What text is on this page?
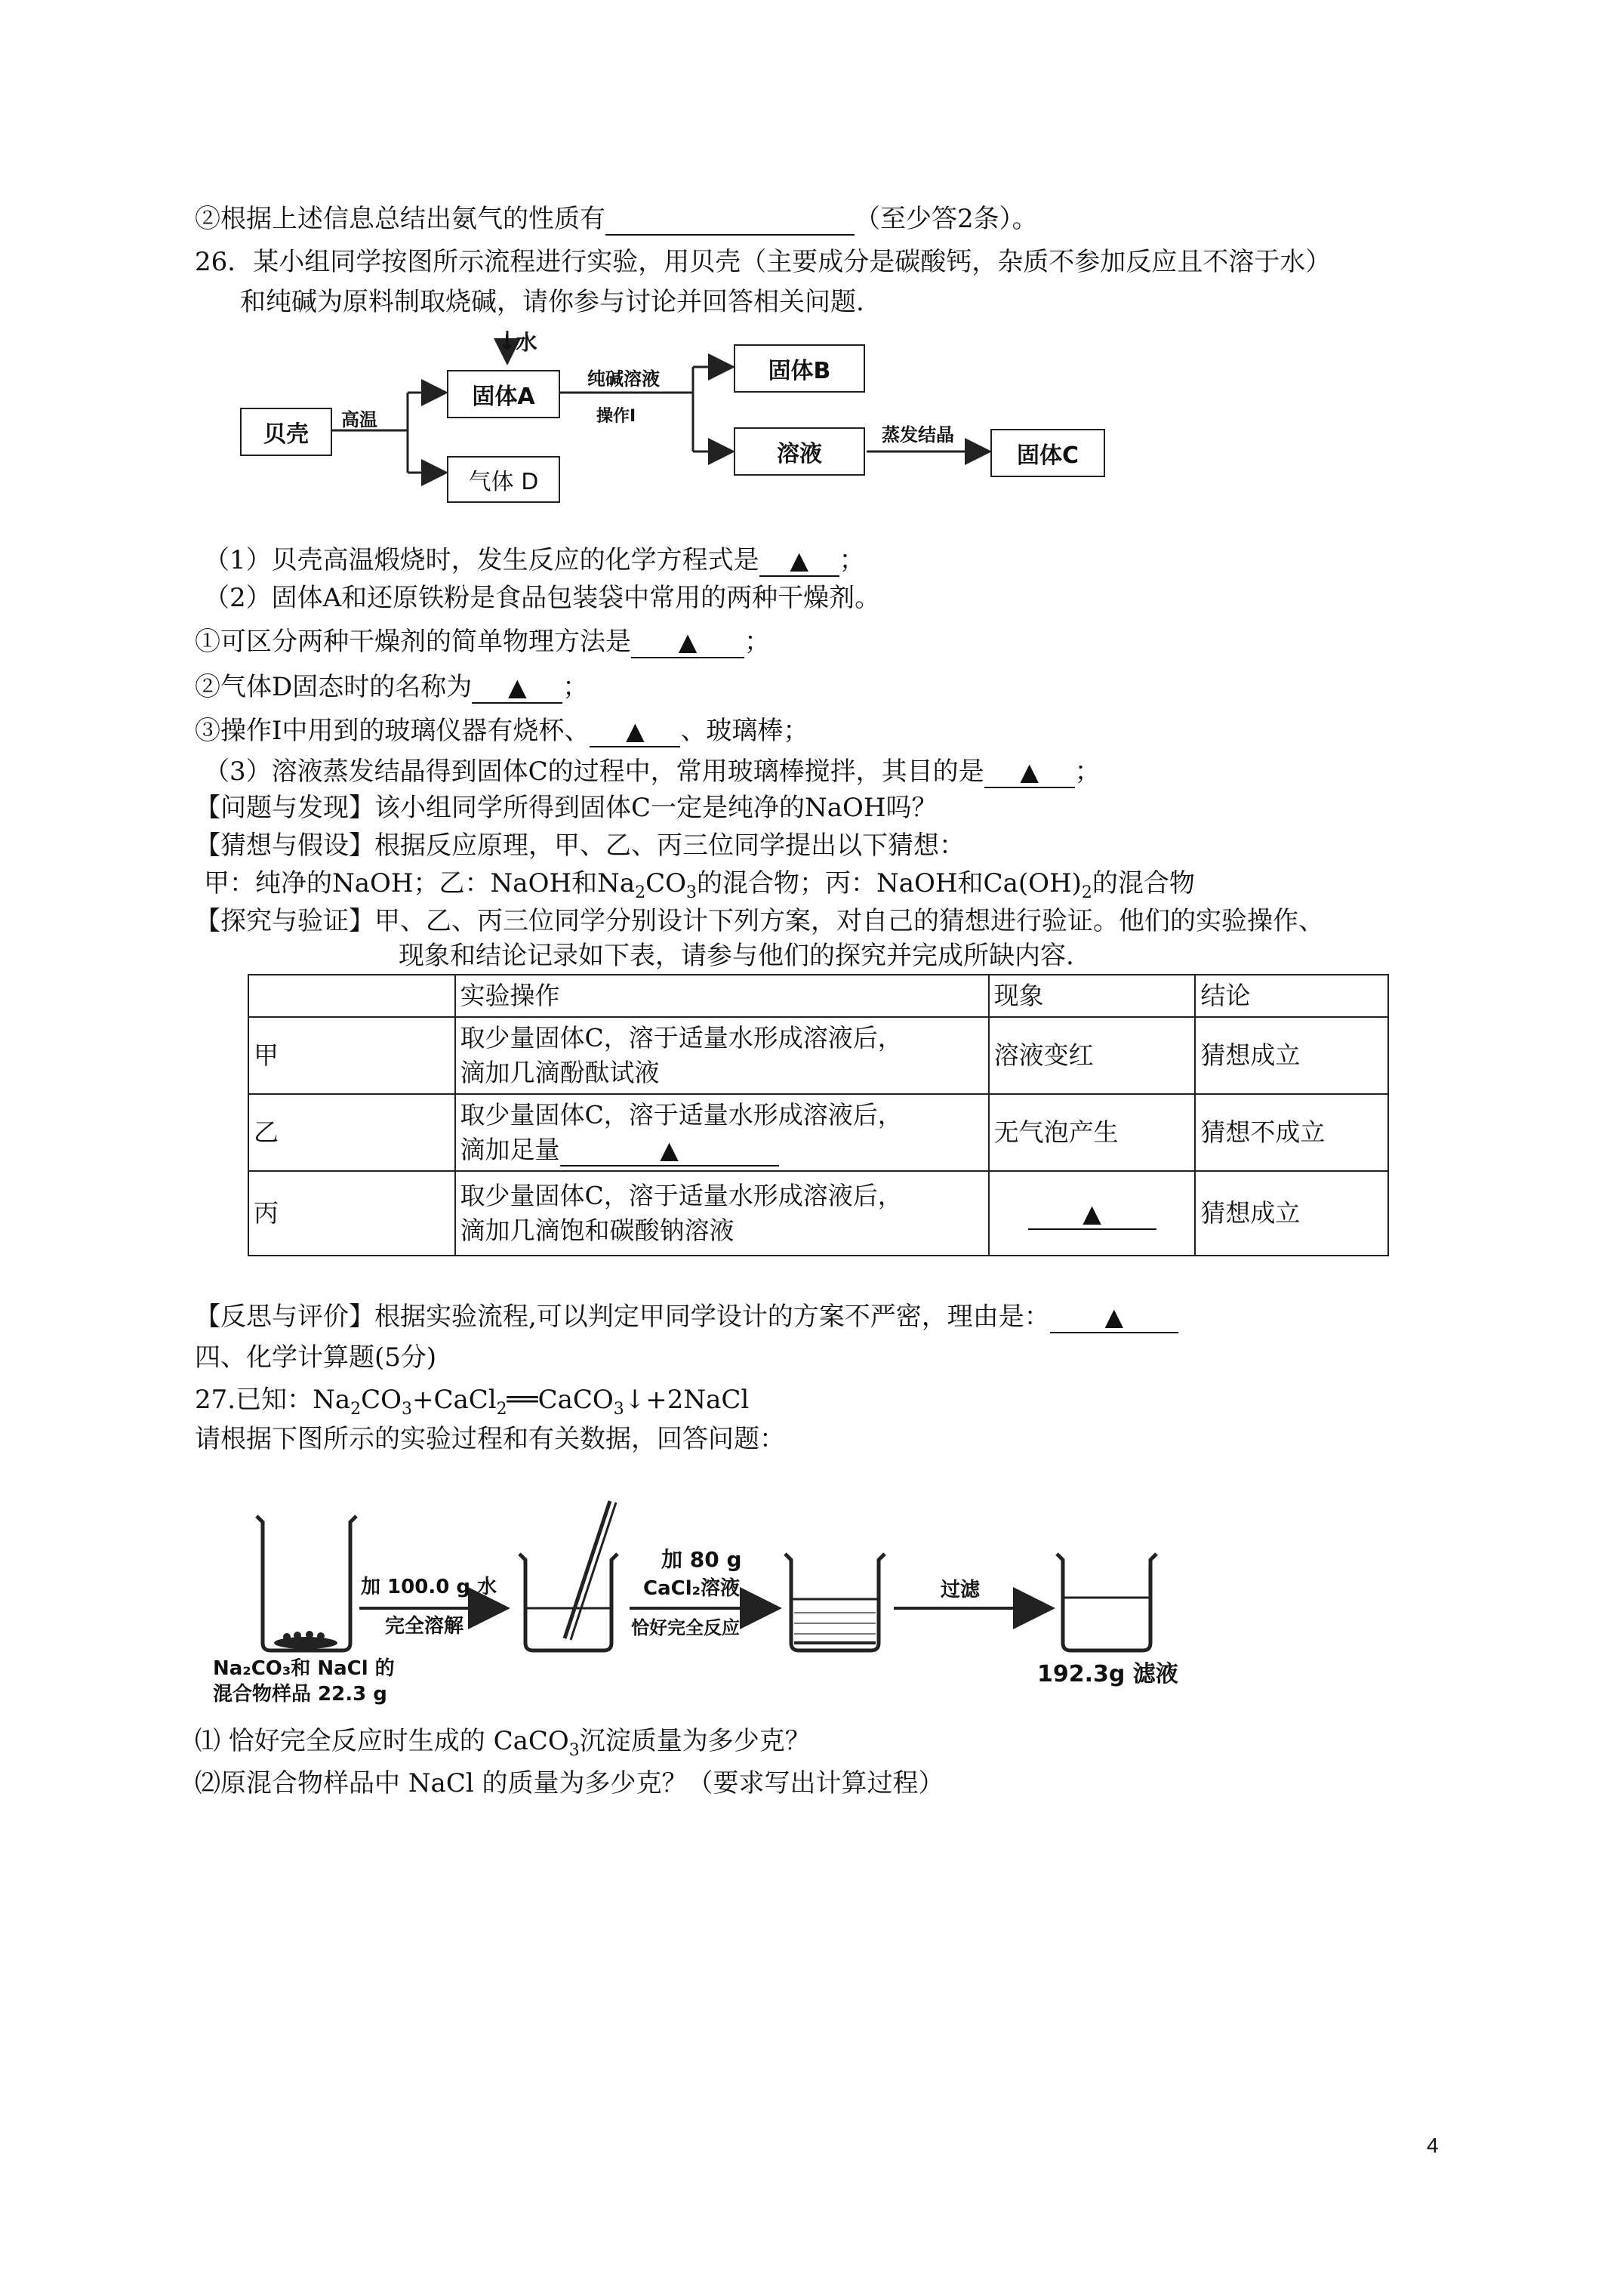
②根据上述信息总结出氨气的性质有	（至少答2条）。
26．某小组同学按图所示流程进行实验，用贝壳（主要成分是碳酸钙，杂质不参加反应且不溶于水）
和纯碱为原料制取烧碱，请你参与讨论并回答相关问题.
↓水
贝壳
高温
固体A
气体 D
纯碱溶液
操作Ⅰ
固体B
溶液
蒸发结晶
固体C
（1）贝壳高温煅烧时，发生反应的化学方程式是 ▲ ；
（2）固体A和还原铁粉是食品包装袋中常用的两种干燥剂。
①可区分两种干燥剂的简单物理方法是 ▲ ；
②气体D固态时的名称为 ▲ ；
③操作Ⅰ中用到的玻璃仪器有烧杯、 ▲ 、玻璃棒；
（3）溶液蒸发结晶得到固体C的过程中，常用玻璃棒搅拌，其目的是 ▲ ；
【问题与发现】该小组同学所得到固体C一定是纯净的NaOH吗？
【猜想与假设】根据反应原理，甲、乙、丙三位同学提出以下猜想：
甲：纯净的NaOH；乙：NaOH和$Na_2CO_3$的混合物；丙：NaOH和$Ca(OH)_2$的混合物
【探究与验证】甲、乙、丙三位同学分别设计下列方案，对自己的猜想进行验证。他们的实验操作、
现象和结论记录如下表，请参与他们的探究并完成所缺内容.
	实验操作	现象	结论
甲	取少量固体C，溶于适量水形成溶液后，
滴加几滴酚酞试液	溶液变红	猜想成立
乙	取少量固体C，溶于适量水形成溶液后，
滴加足量 ▲	无气泡产生	猜想不成立
丙	取少量固体C，溶于适量水形成溶液后，
滴加几滴饱和碳酸钠溶液	▲	猜想成立
【反思与评价】根据实验流程,可以判定甲同学设计的方案不严密，理由是： ▲
四、化学计算题(5分)
27.已知：$Na_2CO_3+CaCl_2══CaCO_3↓+2NaCl$
请根据下图所示的实验过程和有关数据，回答问题：
加 100.0 g 水
完全溶解
Na₂CO₃和 NaCl 的
混合物样品 22.3 g
加 80 g
CaCl₂溶液
恰好完全反应
过滤
192.3g 滤液
⑴ 恰好完全反应时生成的 CaCO$_3$沉淀质量为多少克？
⑵原混合物样品中 NaCl 的质量为多少克？（要求写出计算过程）
4
